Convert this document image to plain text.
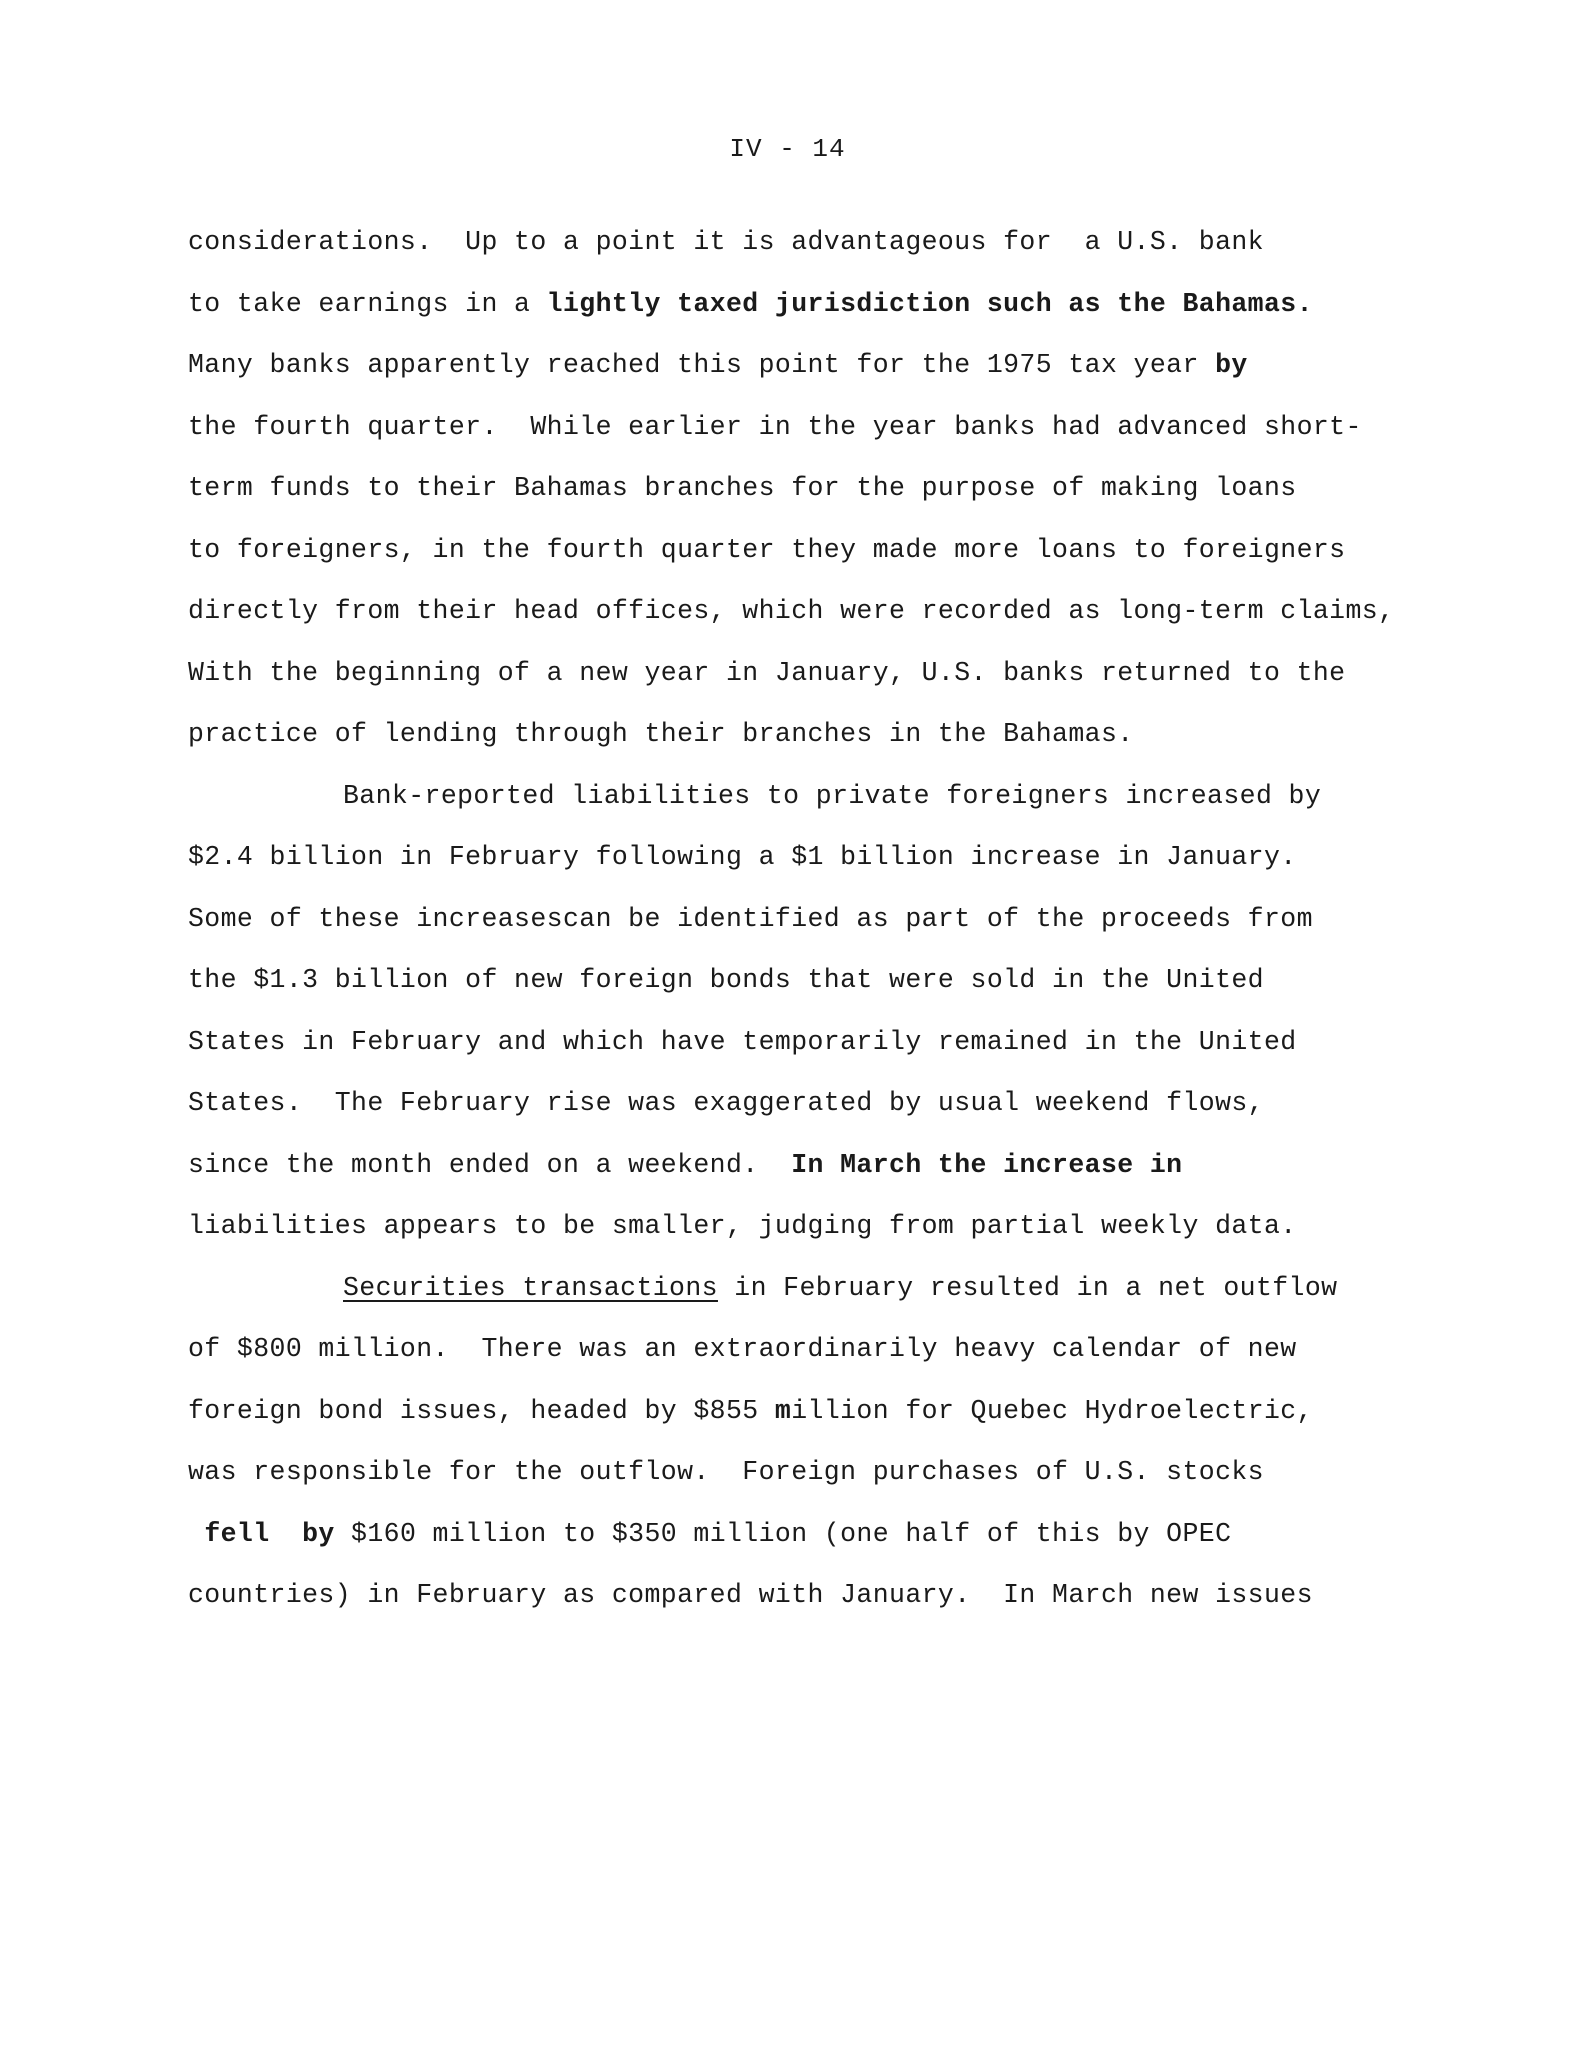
IV - 14
considerations.  Up to a point it is advantageous for  a U.S. bank
to take earnings in a lightly taxed jurisdiction such as the Bahamas.
Many banks apparently reached this point for the 1975 tax year by
the fourth quarter.  While earlier in the year banks had advanced short-
term funds to their Bahamas branches for the purpose of making loans
to foreigners, in the fourth quarter they made more loans to foreigners
directly from their head offices, which were recorded as long-term claims,
With the beginning of a new year in January, U.S. banks returned to the
practice of lending through their branches in the Bahamas.
Bank-reported liabilities to private foreigners increased by
$2.4 billion in February following a $1 billion increase in January.
Some of these increasescan be identified as part of the proceeds from
the $1.3 billion of new foreign bonds that were sold in the United
States in February and which have temporarily remained in the United
States.  The February rise was exaggerated by usual weekend flows,
since the month ended on a weekend.  In March the increase in
liabilities appears to be smaller, judging from partial weekly data.
Securities transactions in February resulted in a net outflow
of $800 million.  There was an extraordinarily heavy calendar of new
foreign bond issues, headed by $855 million for Quebec Hydroelectric,
was responsible for the outflow.  Foreign purchases of U.S. stocks
fell  by $160 million to $350 million (one half of this by OPEC
countries) in February as compared with January.  In March new issues
